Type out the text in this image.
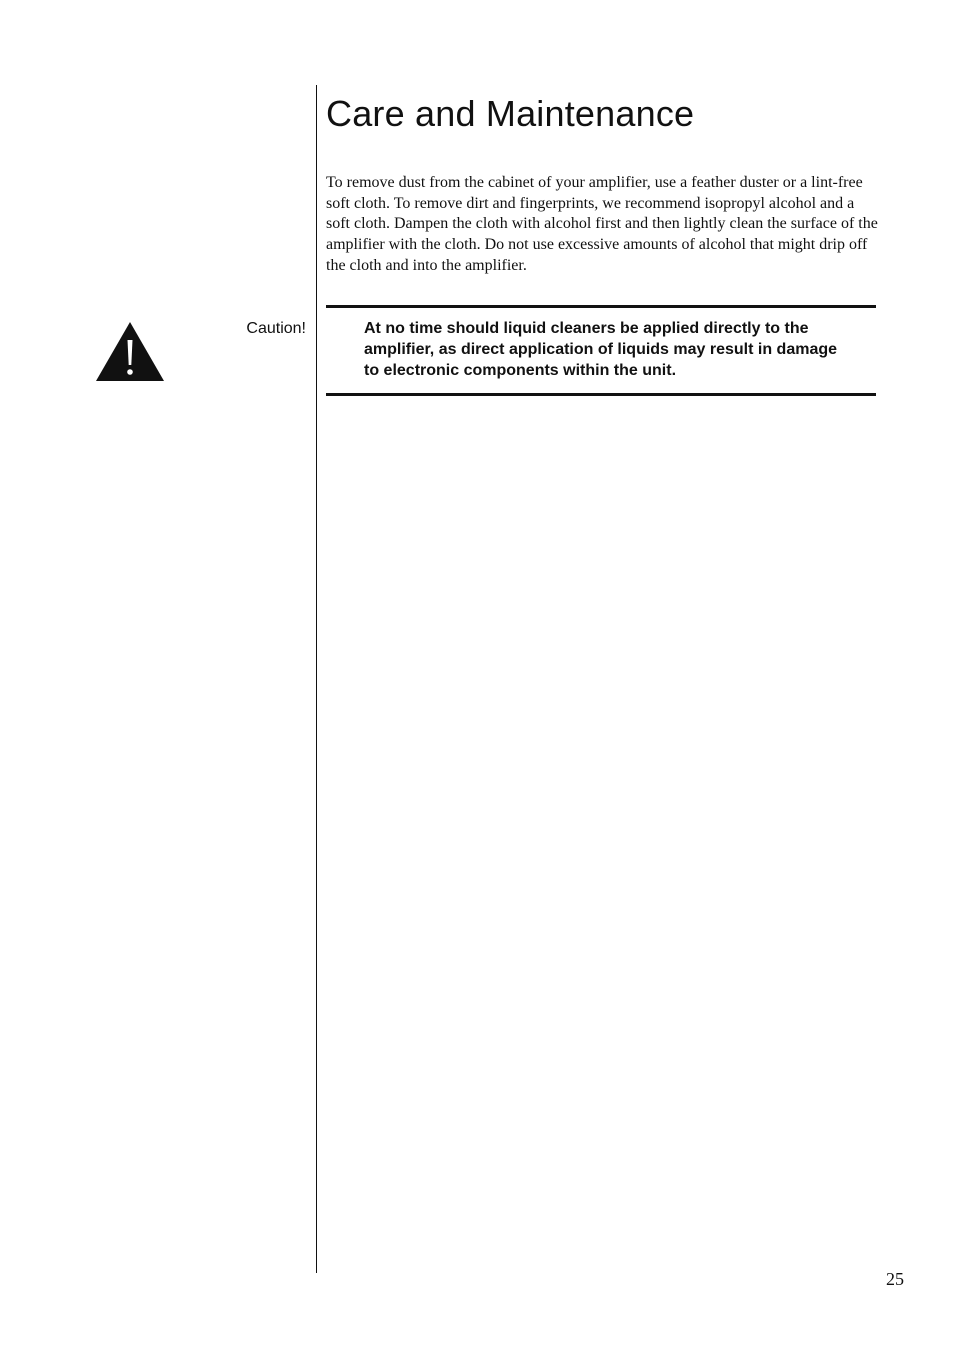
Care and Maintenance

To remove dust from the cabinet of your amplifier, use a feather duster or a lint-free soft cloth. To remove dirt and fingerprints, we recommend isopropyl alcohol and a soft cloth. Dampen the cloth with alcohol first and then lightly clean the surface of the amplifier with the cloth. Do not use excessive amounts of alcohol that might drip off the cloth and into the amplifier.

Caution!	At no time should liquid cleaners be applied directly to the amplifier, as direct application of liquids may result in damage to electronic components within the unit.

25
